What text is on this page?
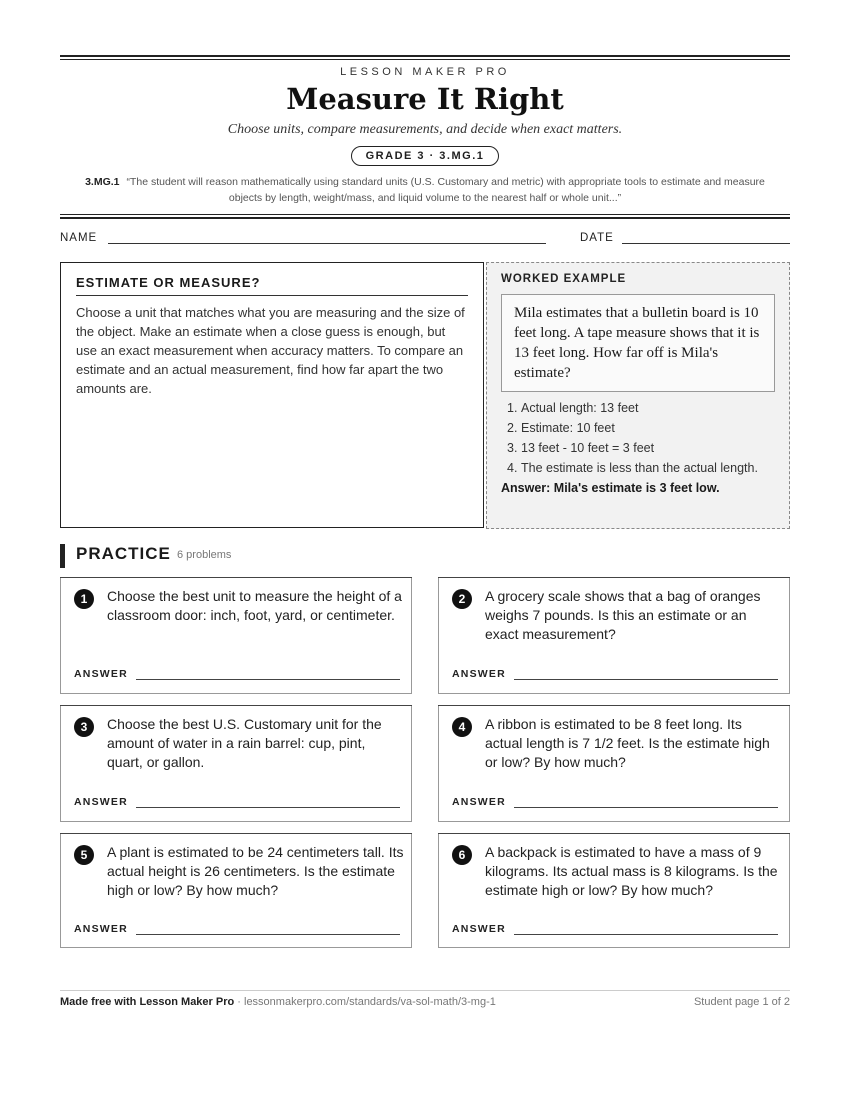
LESSON MAKER PRO
Measure It Right
Choose units, compare measurements, and decide when exact matters.
GRADE 3 · 3.MG.1
3.MG.1 “The student will reason mathematically using standard units (U.S. Customary and metric) with appropriate tools to estimate and measure objects by length, weight/mass, and liquid volume to the nearest half or whole unit...”
NAME	DATE
ESTIMATE OR MEASURE?
Choose a unit that matches what you are measuring and the size of the object. Make an estimate when a close guess is enough, but use an exact measurement when accuracy matters. To compare an estimate and an actual measurement, find how far apart the two amounts are.
WORKED EXAMPLE
Mila estimates that a bulletin board is 10 feet long. A tape measure shows that it is 13 feet long. How far off is Mila's estimate?
1. Actual length: 13 feet
2. Estimate: 10 feet
3. 13 feet - 10 feet = 3 feet
4. The estimate is less than the actual length.
Answer: Mila's estimate is 3 feet low.
PRACTICE 6 problems
1	Choose the best unit to measure the height of a classroom door: inch, foot, yard, or centimeter.
ANSWER
2	A grocery scale shows that a bag of oranges weighs 7 pounds. Is this an estimate or an exact measurement?
ANSWER
3	Choose the best U.S. Customary unit for the amount of water in a rain barrel: cup, pint, quart, or gallon.
ANSWER
4	A ribbon is estimated to be 8 feet long. Its actual length is 7 1/2 feet. Is the estimate high or low? By how much?
ANSWER
5	A plant is estimated to be 24 centimeters tall. Its actual height is 26 centimeters. Is the estimate high or low? By how much?
ANSWER
6	A backpack is estimated to have a mass of 9 kilograms. Its actual mass is 8 kilograms. Is the estimate high or low? By how much?
ANSWER
Made free with Lesson Maker Pro · lessonmakerpro.com/standards/va-sol-math/3-mg-1	Student page 1 of 2
